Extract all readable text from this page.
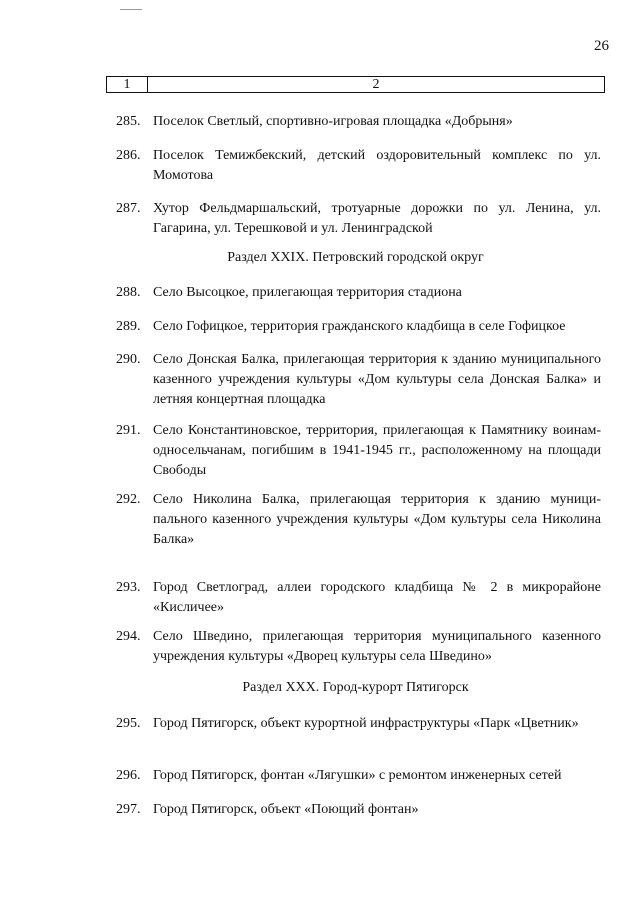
26
1	2
285. Поселок Светлый, спортивно-игровая площадка «Добрыня»
286. Поселок Темижбекский, детский оздоровительный комплекс по ул. Момотова
287. Хутор Фельдмаршальский, тротуарные дорожки по ул. Ленина, ул. Гагарина, ул. Терешковой и ул. Ленинградской
Раздел XXIX. Петровский городской округ
288. Село Высоцкое, прилегающая территория стадиона
289. Село Гофицкое, территория гражданского кладбища в селе Гофицкое
290. Село Донская Балка, прилегающая территория к зданию муниципального казенного учреждения культуры «Дом культуры села Донская Балка» и летняя концертная площадка
291. Село Константиновское, территория, прилегающая к Памятнику воинам-односельчанам, погибшим в 1941-1945 гг., расположенному на площади Свободы
292. Село Николина Балка, прилегающая территория к зданию муниципального казенного учреждения культуры «Дом культуры села Николина Балка»
293. Город Светлоград, аллеи городского кладбища № 2 в микрорайоне «Кисличее»
294. Село Шведино, прилегающая территория муниципального казенного учреждения культуры «Дворец культуры села Шведино»
Раздел XXX. Город-курорт Пятигорск
295. Город Пятигорск, объект курортной инфраструктуры «Парк «Цветник»
296. Город Пятигорск, фонтан «Лягушки» с ремонтом инженерных сетей
297. Город Пятигорск, объект «Поющий фонтан»
